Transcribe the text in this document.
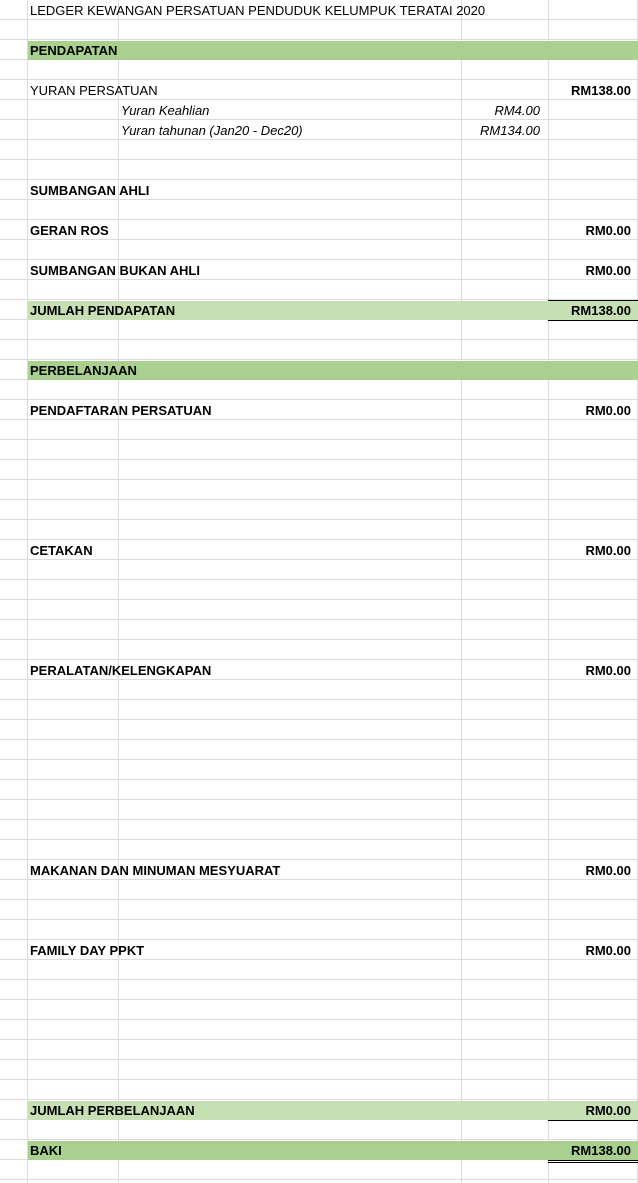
LEDGER KEWANGAN PERSATUAN PENDUDUK KELUMPUK TERATAI 2020
PENDAPATAN
YURAN PERSATUAN	RM138.00
Yuran Keahlian	RM4.00
Yuran tahunan (Jan20 - Dec20)	RM134.00
SUMBANGAN AHLI
GERAN ROS	RM0.00
SUMBANGAN BUKAN AHLI	RM0.00
JUMLAH PENDAPATAN	RM138.00
PERBELANJAAN
PENDAFTARAN PERSATUAN	RM0.00
CETAKAN	RM0.00
PERALATAN/KELENGKAPAN	RM0.00
MAKANAN DAN MINUMAN MESYUARAT	RM0.00
FAMILY DAY PPKT	RM0.00
JUMLAH PERBELANJAAN	RM0.00
BAKI	RM138.00
